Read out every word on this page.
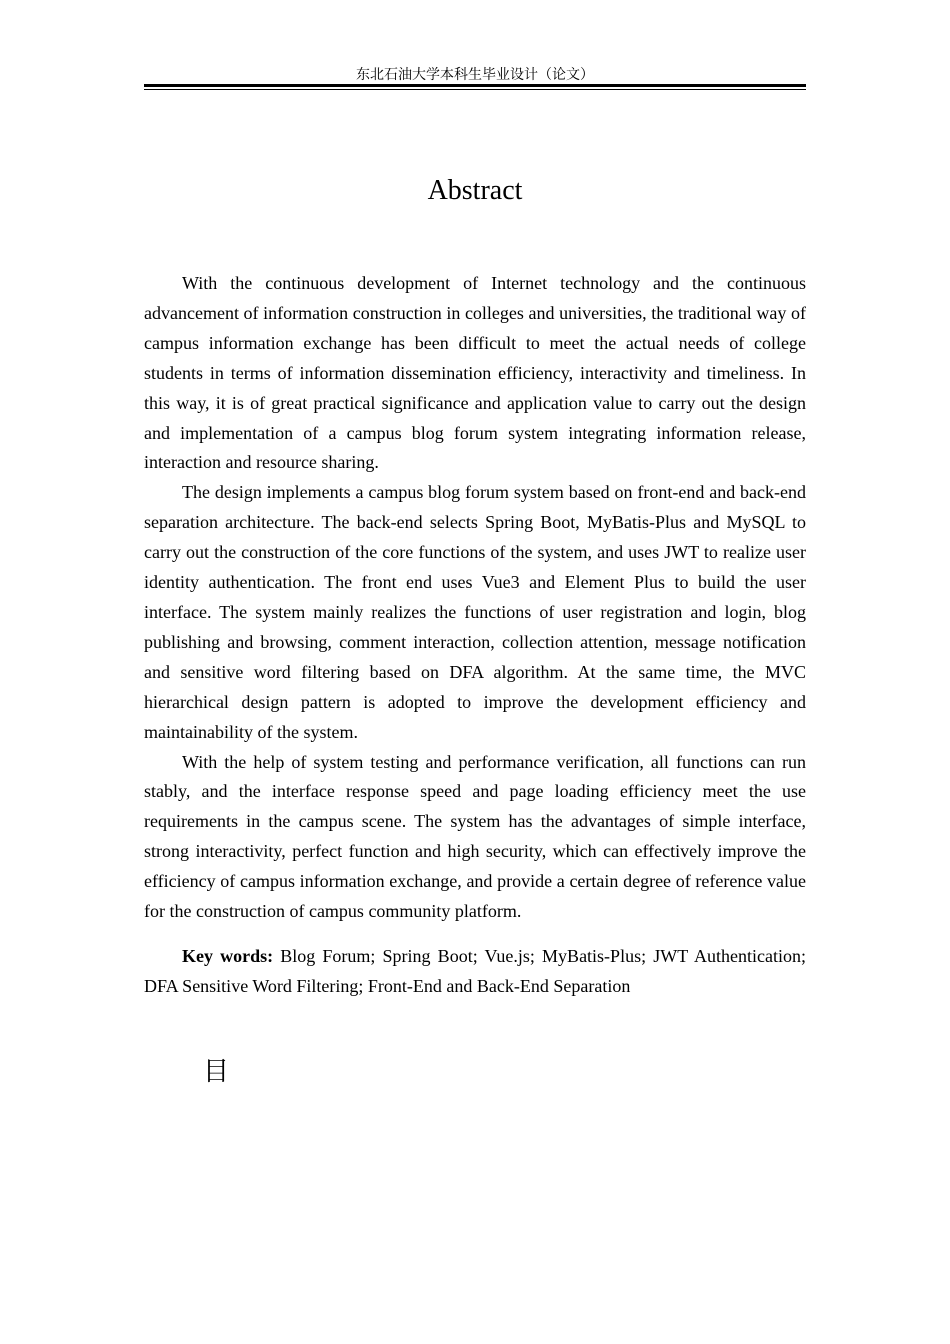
东北石油大学本科生毕业设计（论文）
Abstract

With the continuous development of Internet technology and the continuous advancement of information construction in colleges and universities, the traditional way of campus information exchange has been difficult to meet the actual needs of college students in terms of information dissemination efficiency, interactivity and timeliness. In this way, it is of great practical significance and application value to carry out the design and implementation of a campus blog forum system integrating information release, interaction and resource sharing.

The design implements a campus blog forum system based on front-end and back-end separation architecture. The back-end selects Spring Boot, MyBatis-Plus and MySQL to carry out the construction of the core functions of the system, and uses JWT to realize user identity authentication. The front end uses Vue3 and Element Plus to build the user interface. The system mainly realizes the functions of user registration and login, blog publishing and browsing, comment interaction, collection attention, message notification and sensitive word filtering based on DFA algorithm. At the same time, the MVC hierarchical design pattern is adopted to improve the development efficiency and maintainability of the system.

With the help of system testing and performance verification, all functions can run stably, and the interface response speed and page loading efficiency meet the use requirements in the campus scene. The system has the advantages of simple interface, strong interactivity, perfect function and high security, which can effectively improve the efficiency of campus information exchange, and provide a certain degree of reference value for the construction of campus community platform.

Key words: Blog Forum; Spring Boot; Vue.js; MyBatis-Plus; JWT Authentication; DFA Sensitive Word Filtering; Front-End and Back-End Separation

目
